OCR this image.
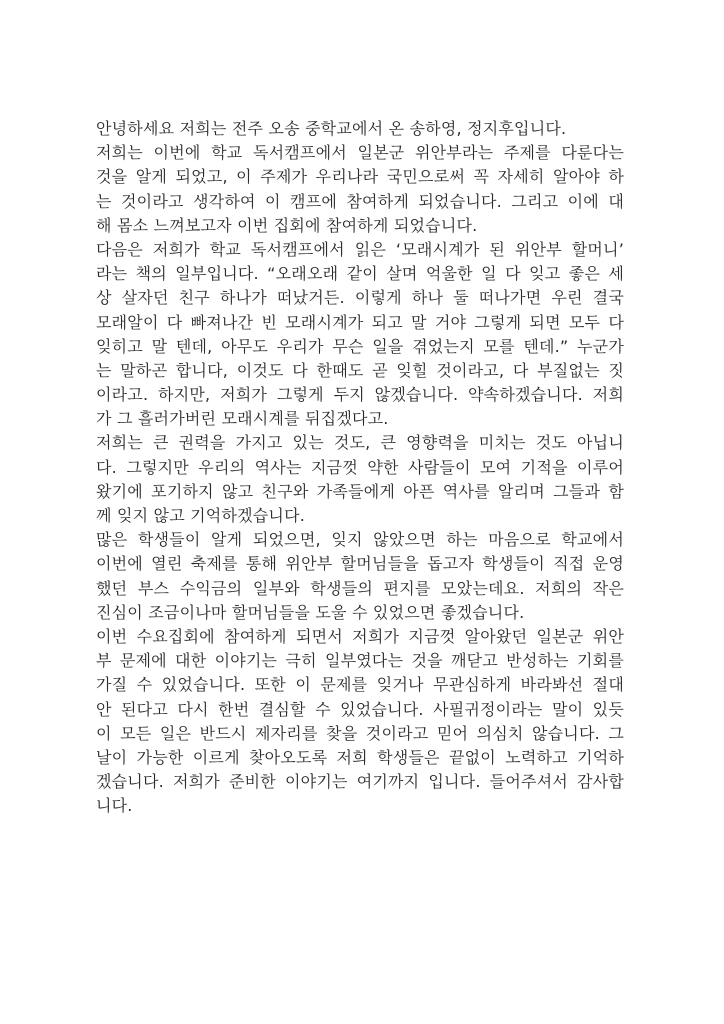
안녕하세요 저희는 전주 오송 중학교에서 온 송하영, 정지후입니다.
저희는 이번에 학교 독서캠프에서 일본군 위안부라는 주제를 다룬다는
것을 알게 되었고, 이 주제가 우리나라 국민으로써 꼭 자세히 알아야 하
는 것이라고 생각하여 이 캠프에 참여하게 되었습니다. 그리고 이에 대
해 몸소 느껴보고자 이번 집회에 참여하게 되었습니다.
다음은 저희가 학교 독서캠프에서 읽은 ‘모래시계가 된 위안부 할머니’
라는 책의 일부입니다. “오래오래 같이 살며 억울한 일 다 잊고 좋은 세
상 살자던 친구 하나가 떠났거든. 이렇게 하나 둘 떠나가면 우린 결국
모래알이 다 빠져나간 빈 모래시계가 되고 말 거야 그렇게 되면 모두 다
잊히고 말 텐데, 아무도 우리가 무슨 일을 겪었는지 모를 텐데.” 누군가
는 말하곤 합니다, 이것도 다 한때도 곧 잊힐 것이라고, 다 부질없는 짓
이라고. 하지만, 저희가 그렇게 두지 않겠습니다. 약속하겠습니다. 저희
가 그 흘러가버린 모래시계를 뒤집겠다고.
저희는 큰 권력을 가지고 있는 것도, 큰 영향력을 미치는 것도 아닙니
다. 그렇지만 우리의 역사는 지금껏 약한 사람들이 모여 기적을 이루어
왔기에 포기하지 않고 친구와 가족들에게 아픈 역사를 알리며 그들과 함
께 잊지 않고 기억하겠습니다.
많은 학생들이 알게 되었으면, 잊지 않았으면 하는 마음으로 학교에서
이번에 열린 축제를 통해 위안부 할머님들을 돕고자 학생들이 직접 운영
했던 부스 수익금의 일부와 학생들의 편지를 모았는데요. 저희의 작은
진심이 조금이나마 할머님들을 도울 수 있었으면 좋겠습니다.
이번 수요집회에 참여하게 되면서 저희가 지금껏 알아왔던 일본군 위안
부 문제에 대한 이야기는 극히 일부였다는 것을 깨닫고 반성하는 기회를
가질 수 있었습니다. 또한 이 문제를 잊거나 무관심하게 바라봐선 절대
안 된다고 다시 한번 결심할 수 있었습니다. 사필귀정이라는 말이 있듯
이 모든 일은 반드시 제자리를 찾을 것이라고 믿어 의심치 않습니다. 그
날이 가능한 이르게 찾아오도록 저희 학생들은 끝없이 노력하고 기억하
겠습니다. 저희가 준비한 이야기는 여기까지 입니다. 들어주셔서 감사합
니다.
